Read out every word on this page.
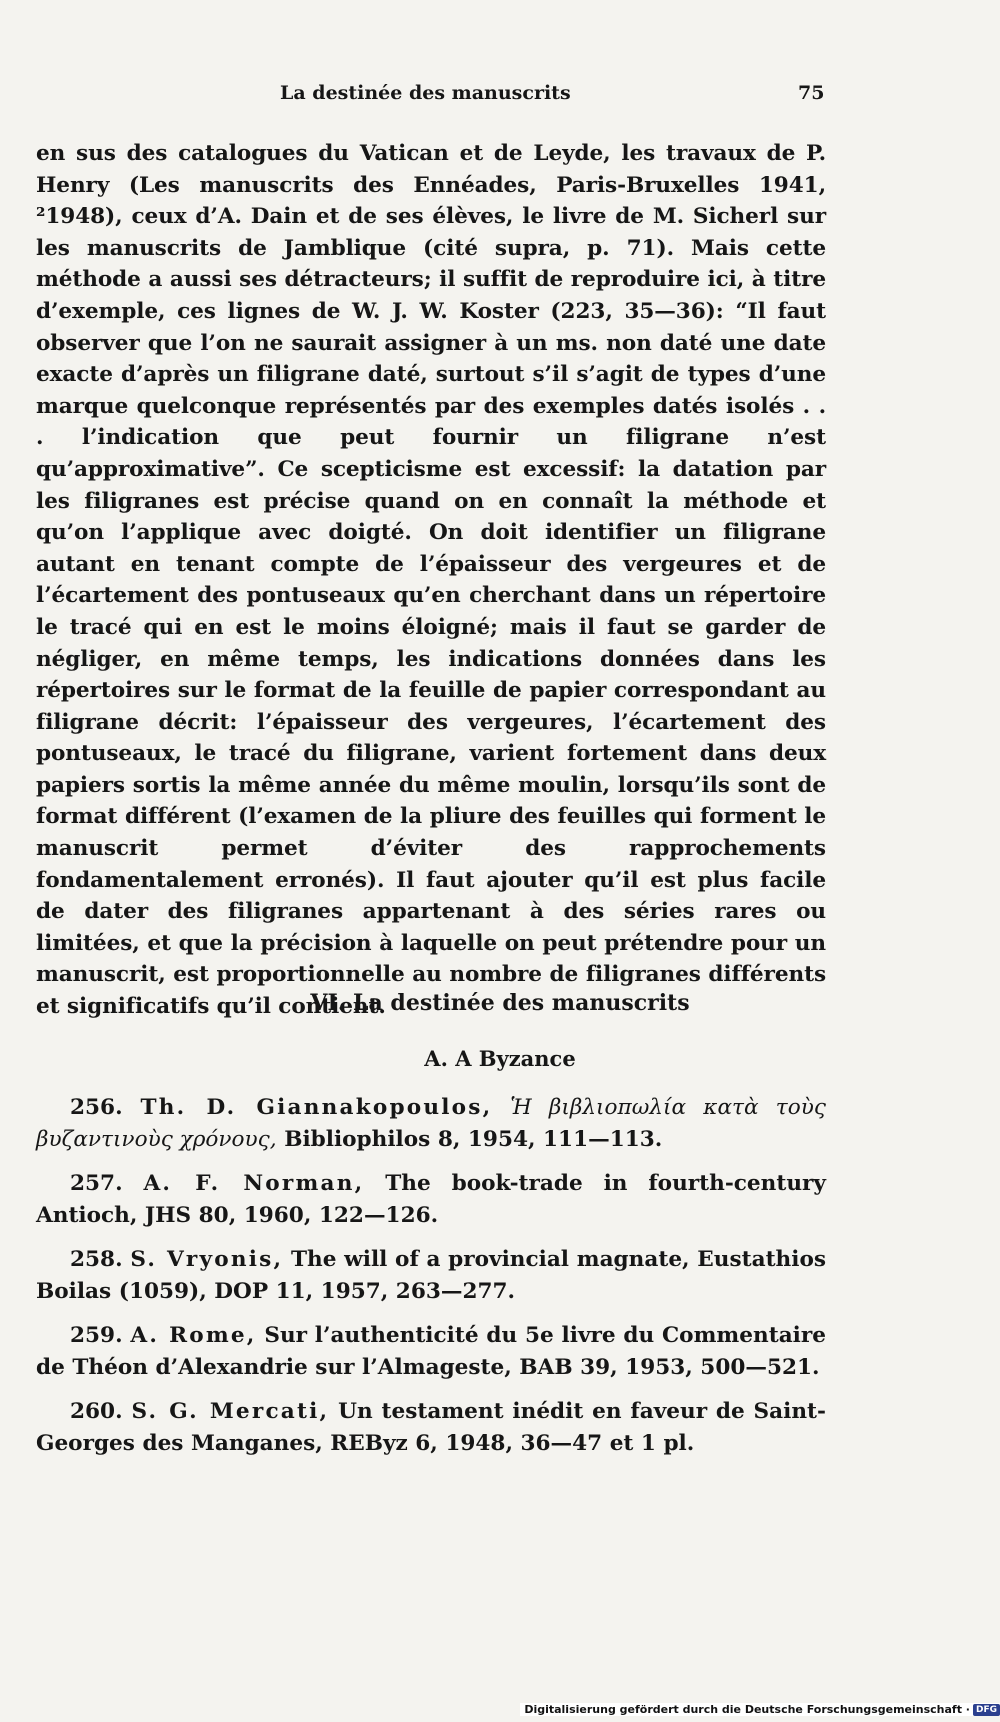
La destinée des manuscrits	75
en sus des catalogues du Vatican et de Leyde, les travaux de P. Henry (Les manuscrits des Ennéades, Paris-Bruxelles 1941, ²1948), ceux d’A. Dain et de ses élèves, le livre de M. Sicherl sur les manuscrits de Jamblique (cité supra, p. 71). Mais cette méthode a aussi ses détracteurs; il suffit de reproduire ici, à titre d’exemple, ces lignes de W. J. W. Koster (223, 35—36): “Il faut observer que l’on ne saurait assigner à un ms. non daté une date exacte d’après un filigrane daté, surtout s’il s’agit de types d’une marque quelconque représentés par des exemples datés isolés . . . l’indication que peut fournir un filigrane n’est qu’approximative”. Ce scepticisme est excessif: la datation par les filigranes est précise quand on en connaît la méthode et qu’on l’applique avec doigté. On doit identifier un filigrane autant en tenant compte de l’épaisseur des vergeures et de l’écartement des pontuseaux qu’en cherchant dans un répertoire le tracé qui en est le moins éloigné; mais il faut se garder de négliger, en même temps, les indications données dans les répertoires sur le format de la feuille de papier correspondant au filigrane décrit: l’épaisseur des vergeures, l’écartement des pontuseaux, le tracé du filigrane, varient fortement dans deux papiers sortis la même année du même moulin, lorsqu’ils sont de format différent (l’examen de la pliure des feuilles qui forment le manuscrit permet d’éviter des rapprochements fondamentalement erronés). Il faut ajouter qu’il est plus facile de dater des filigranes appartenant à des séries rares ou limitées, et que la précision à laquelle on peut prétendre pour un manuscrit, est proportionnelle au nombre de filigranes différents et significatifs qu’il contient.
VI. La destinée des manuscrits
A. A Byzance
256. Th. D. Giannakopoulos, Ἡ βιβλιοπωλία κατὰ τοὺς βυζαντινοὺς χρόνους, Bibliophilos 8, 1954, 111—113.
257. A. F. Norman, The book-trade in fourth-century Antioch, JHS 80, 1960, 122—126.
258. S. Vryonis, The will of a provincial magnate, Eustathios Boilas (1059), DOP 11, 1957, 263—277.
259. A. Rome, Sur l’authenticité du 5e livre du Commentaire de Théon d’Alexandrie sur l’Almageste, BAB 39, 1953, 500—521.
260. S. G. Mercati, Un testament inédit en faveur de Saint-Georges des Manganes, REByz 6, 1948, 36—47 et 1 pl.
Digitalisierung gefördert durch die Deutsche Forschungsgemeinschaft · DFG
